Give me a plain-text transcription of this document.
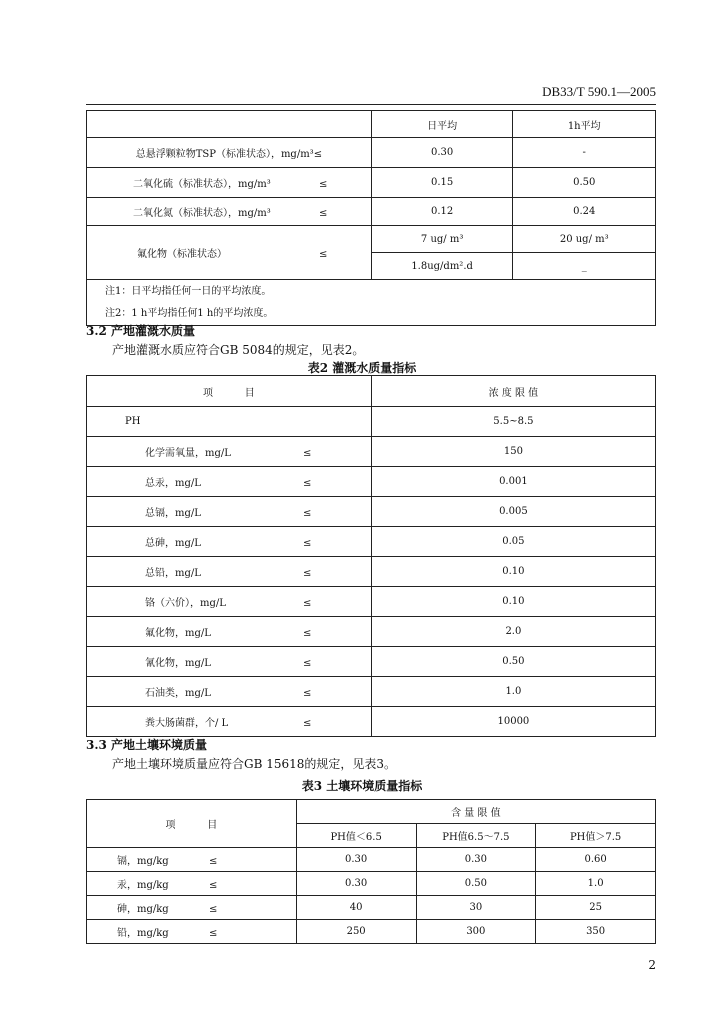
DB33/T 590.1—2005
	日平均	1h平均
总悬浮颗粒物TSP（标准状态），mg/m³≤	0.30	-
二氧化硫（标准状态），mg/m³ ≤	0.15	0.50
二氧化氮（标准状态），mg/m³ ≤	0.12	0.24
氟化物（标准状态） ≤	7 ug/ m³	20 ug/ m³
	1.8ug/dm².d	_

注1：日平均指任何一日的平均浓度。
注2：1 h平均指任何1 h的平均浓度。		
3.2 产地灌溉水质量
产地灌溉水质应符合GB 5084的规定，见表2。
表2 灌溉水质量指标
项          目	浓 度 限 值
PH	5.5~8.5
化学需氧量，mg/L ≤	150
总汞，mg/L ≤	0.001
总镉，mg/L ≤	0.005
总砷，mg/L ≤	0.05
总铅，mg/L ≤	0.10
铬（六价），mg/L ≤	0.10
氟化物，mg/L ≤	2.0
氰化物，mg/L ≤	0.50
石油类，mg/L ≤	1.0
粪大肠菌群，个/ L ≤	10000
3.3 产地土壤环境质量
产地土壤环境质量应符合GB 15618的规定，见表3。
表3 土壤环境质量指标
项          目	含 量 限 值		
	PH值＜6.5	PH值6.5～7.5	PH值＞7.5
镉，mg/kg ≤	0.30	0.30	0.60
汞，mg/kg ≤	0.30	0.50	1.0
砷，mg/kg ≤	40	30	25
铅，mg/kg ≤	250	300	350
2
